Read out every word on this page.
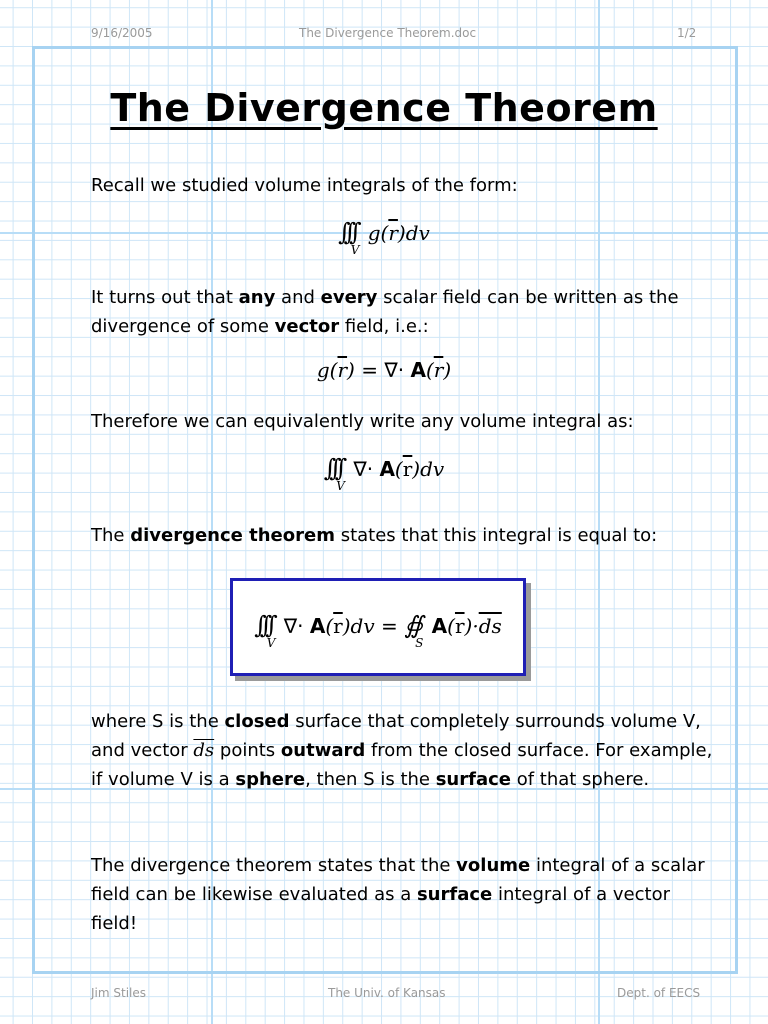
9/16/2005	The Divergence Theorem.doc	1/2
The Divergence Theorem
Recall we studied volume integrals of the form:
$\int\int\int_V$ $g(\overline{r})dv$
It turns out that any and every scalar field can be written as the divergence of some vector field, i.e.:
$g(\overline{r})$ = ∇· $A(\overline{r})$
Therefore we can equivalently write any volume integral as:
$\int\int\int_V$ ∇· $A(\overline{r})dv$
The divergence theorem states that this integral is equal to:
$\int\int\int_V$ ∇· $A(\overline{r})dv$ = $∯_S$ $A(\overline{r})\cdot\overline{ds}$
where S is the closed surface that completely surrounds volume V, and vector $\overline{ds}$ points outward from the closed surface. For example, if volume V is a sphere, then S is the surface of that sphere.
The divergence theorem states that the volume integral of a scalar field can be likewise evaluated as a surface integral of a vector field!
Jim Stiles	The Univ. of Kansas	Dept. of EECS
